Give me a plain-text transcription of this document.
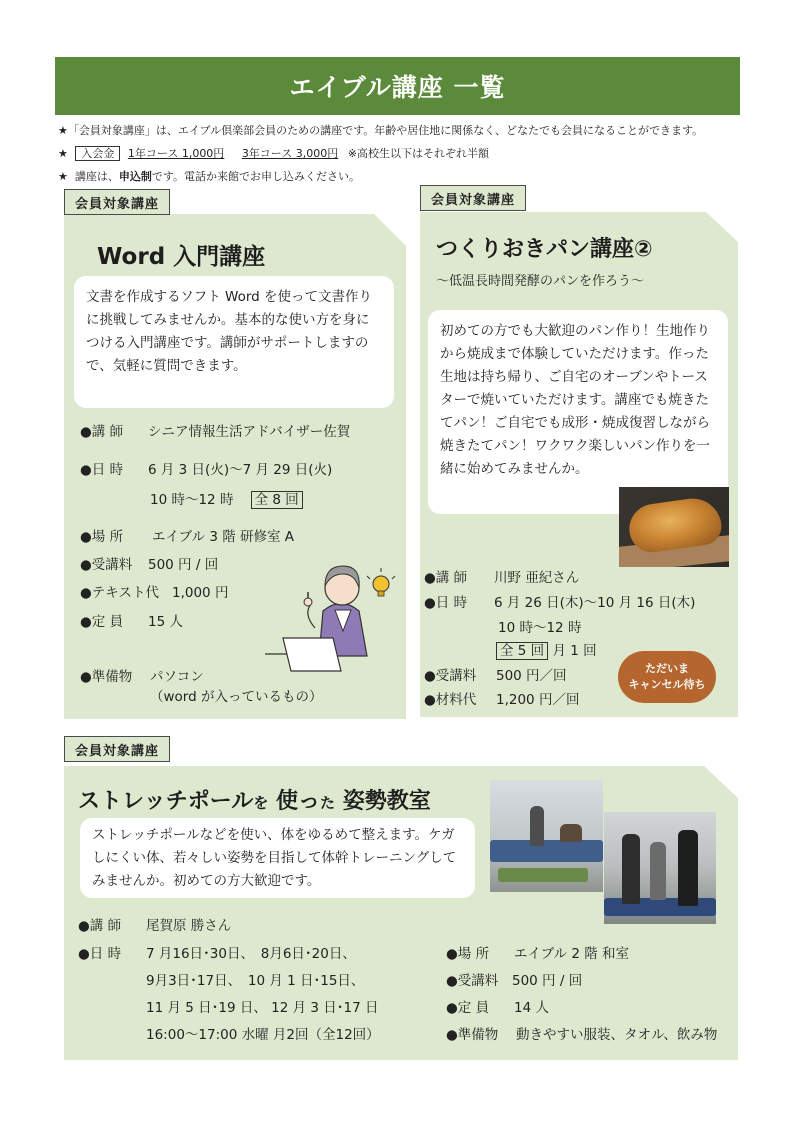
エイブル講座 一覧
★「会員対象講座」は、エイブル倶楽部会員のための講座です。年齢や居住地に関係なく、どなたでも会員になることができます。
★ 入会金 1年コース 1,000円 3年コース 3,000円 ※高校生以下はそれぞれ半額
★ 講座は、申込制です。電話か来館でお申し込みください。
会員対象講座	会員対象講座
会員対象講座
Word 入門講座
文書を作成するソフト Word を使って文書作りに挑戦してみませんか。基本的な使い方を身につける入門講座です。講師がサポートしますので、気軽に質問できます。
●講 師 シニア情報生活アドバイザー佐賀
●日 時 6 月 3 日(火)～7 月 29 日(火)
10 時～12 時 全 8 回
●場 所 エイブル 3 階 研修室 A
●受講料 500 円 / 回
●テキスト代 1,000 円
●定 員 15 人
●準備物 パソコン
（word が入っているもの）
つくりおきパン講座②
～低温長時間発酵のパンを作ろう～
初めての方でも大歓迎のパン作り！生地作りから焼成まで体験していただけます。作った生地は持ち帰り、ご自宅のオーブンやトースターで焼いていただけます。講座でも焼きたてパン！ご自宅でも成形・焼成復習しながら焼きたてパン！ワクワク楽しいパン作りを一緒に始めてみませんか。
●講 師 川野 亜紀さん
●日 時 6 月 26 日(木)～10 月 16 日(木)
10 時～12 時
全 5 回 月 1 回
●受講料 500 円／回
●材料代 1,200 円／回
ただいま
キャンセル待ち
ストレッチポールを 使った 姿勢教室
ストレッチポールなどを使い、体をゆるめて整えます。ケガしにくい体、若々しい姿勢を目指して体幹トレーニングしてみませんか。初めての方大歓迎です。
●講 師 尾賀原 勝さん
●日 時 7 月16日･30日、　8月6日･20日、
9月3日･17日、　10 月 1 日･15日、
11 月 5 日･19 日、 12 月 3 日･17 日
16:00～17:00 水曜 月2回（全12回）
●場 所 エイブル 2 階 和室
●受講料 500 円 / 回
●定 員 14 人
●準備物 動きやすい服装、タオル、飲み物
